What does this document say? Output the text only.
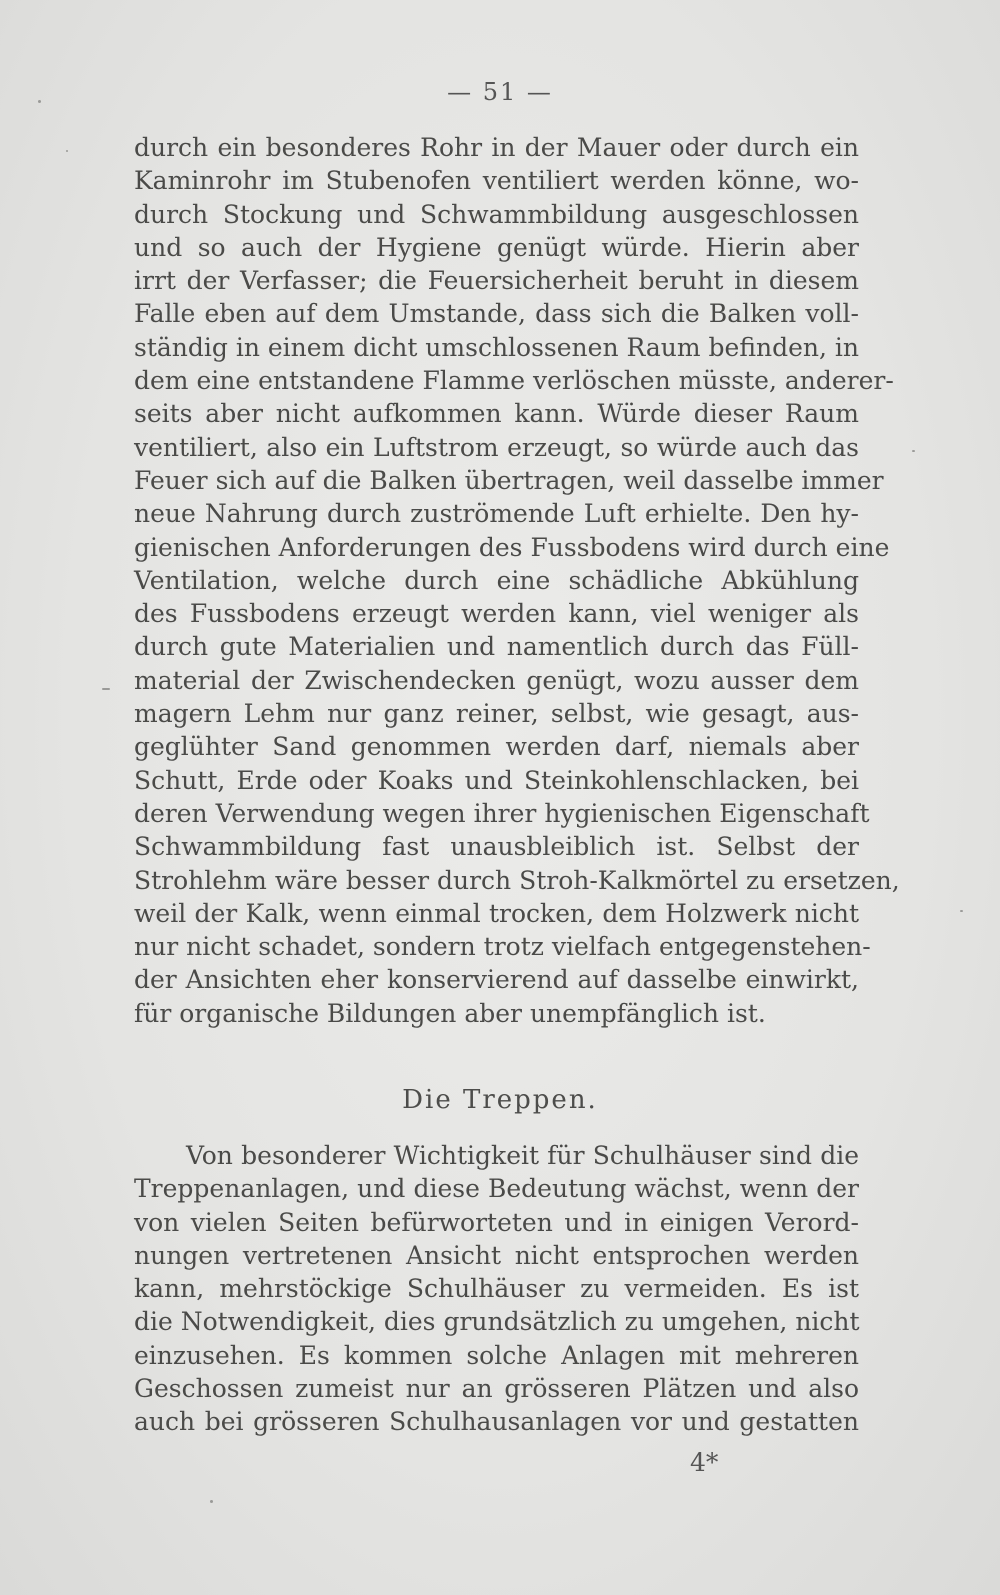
— 51 —
durch ein besonderes Rohr in der Mauer oder durch ein
Kaminrohr im Stubenofen ventiliert werden könne, wo-
durch Stockung und Schwammbildung ausgeschlossen
und so auch der Hygiene genügt würde. Hierin aber
irrt der Verfasser; die Feuersicherheit beruht in diesem
Falle eben auf dem Umstande, dass sich die Balken voll-
ständig in einem dicht umschlossenen Raum befinden, in
dem eine entstandene Flamme verlöschen müsste, anderer-
seits aber nicht aufkommen kann. Würde dieser Raum
ventiliert, also ein Luftstrom erzeugt, so würde auch das
Feuer sich auf die Balken übertragen, weil dasselbe immer
neue Nahrung durch zuströmende Luft erhielte. Den hy-
gienischen Anforderungen des Fussbodens wird durch eine
Ventilation, welche durch eine schädliche Abkühlung
des Fussbodens erzeugt werden kann, viel weniger als
durch gute Materialien und namentlich durch das Füll-
material der Zwischendecken genügt, wozu ausser dem
magern Lehm nur ganz reiner, selbst, wie gesagt, aus-
geglühter Sand genommen werden darf, niemals aber
Schutt, Erde oder Koaks und Steinkohlenschlacken, bei
deren Verwendung wegen ihrer hygienischen Eigenschaft
Schwammbildung fast unausbleiblich ist. Selbst der
Strohlehm wäre besser durch Stroh-Kalkmörtel zu ersetzen,
weil der Kalk, wenn einmal trocken, dem Holzwerk nicht
nur nicht schadet, sondern trotz vielfach entgegenstehen-
der Ansichten eher konservierend auf dasselbe einwirkt,
für organische Bildungen aber unempfänglich ist.
Die Treppen.
Von besonderer Wichtigkeit für Schulhäuser sind die
Treppenanlagen, und diese Bedeutung wächst, wenn der
von vielen Seiten befürworteten und in einigen Verord-
nungen vertretenen Ansicht nicht entsprochen werden
kann, mehrstöckige Schulhäuser zu vermeiden. Es ist
die Notwendigkeit, dies grundsätzlich zu umgehen, nicht
einzusehen. Es kommen solche Anlagen mit mehreren
Geschossen zumeist nur an grösseren Plätzen und also
auch bei grösseren Schulhausanlagen vor und gestatten
4*
